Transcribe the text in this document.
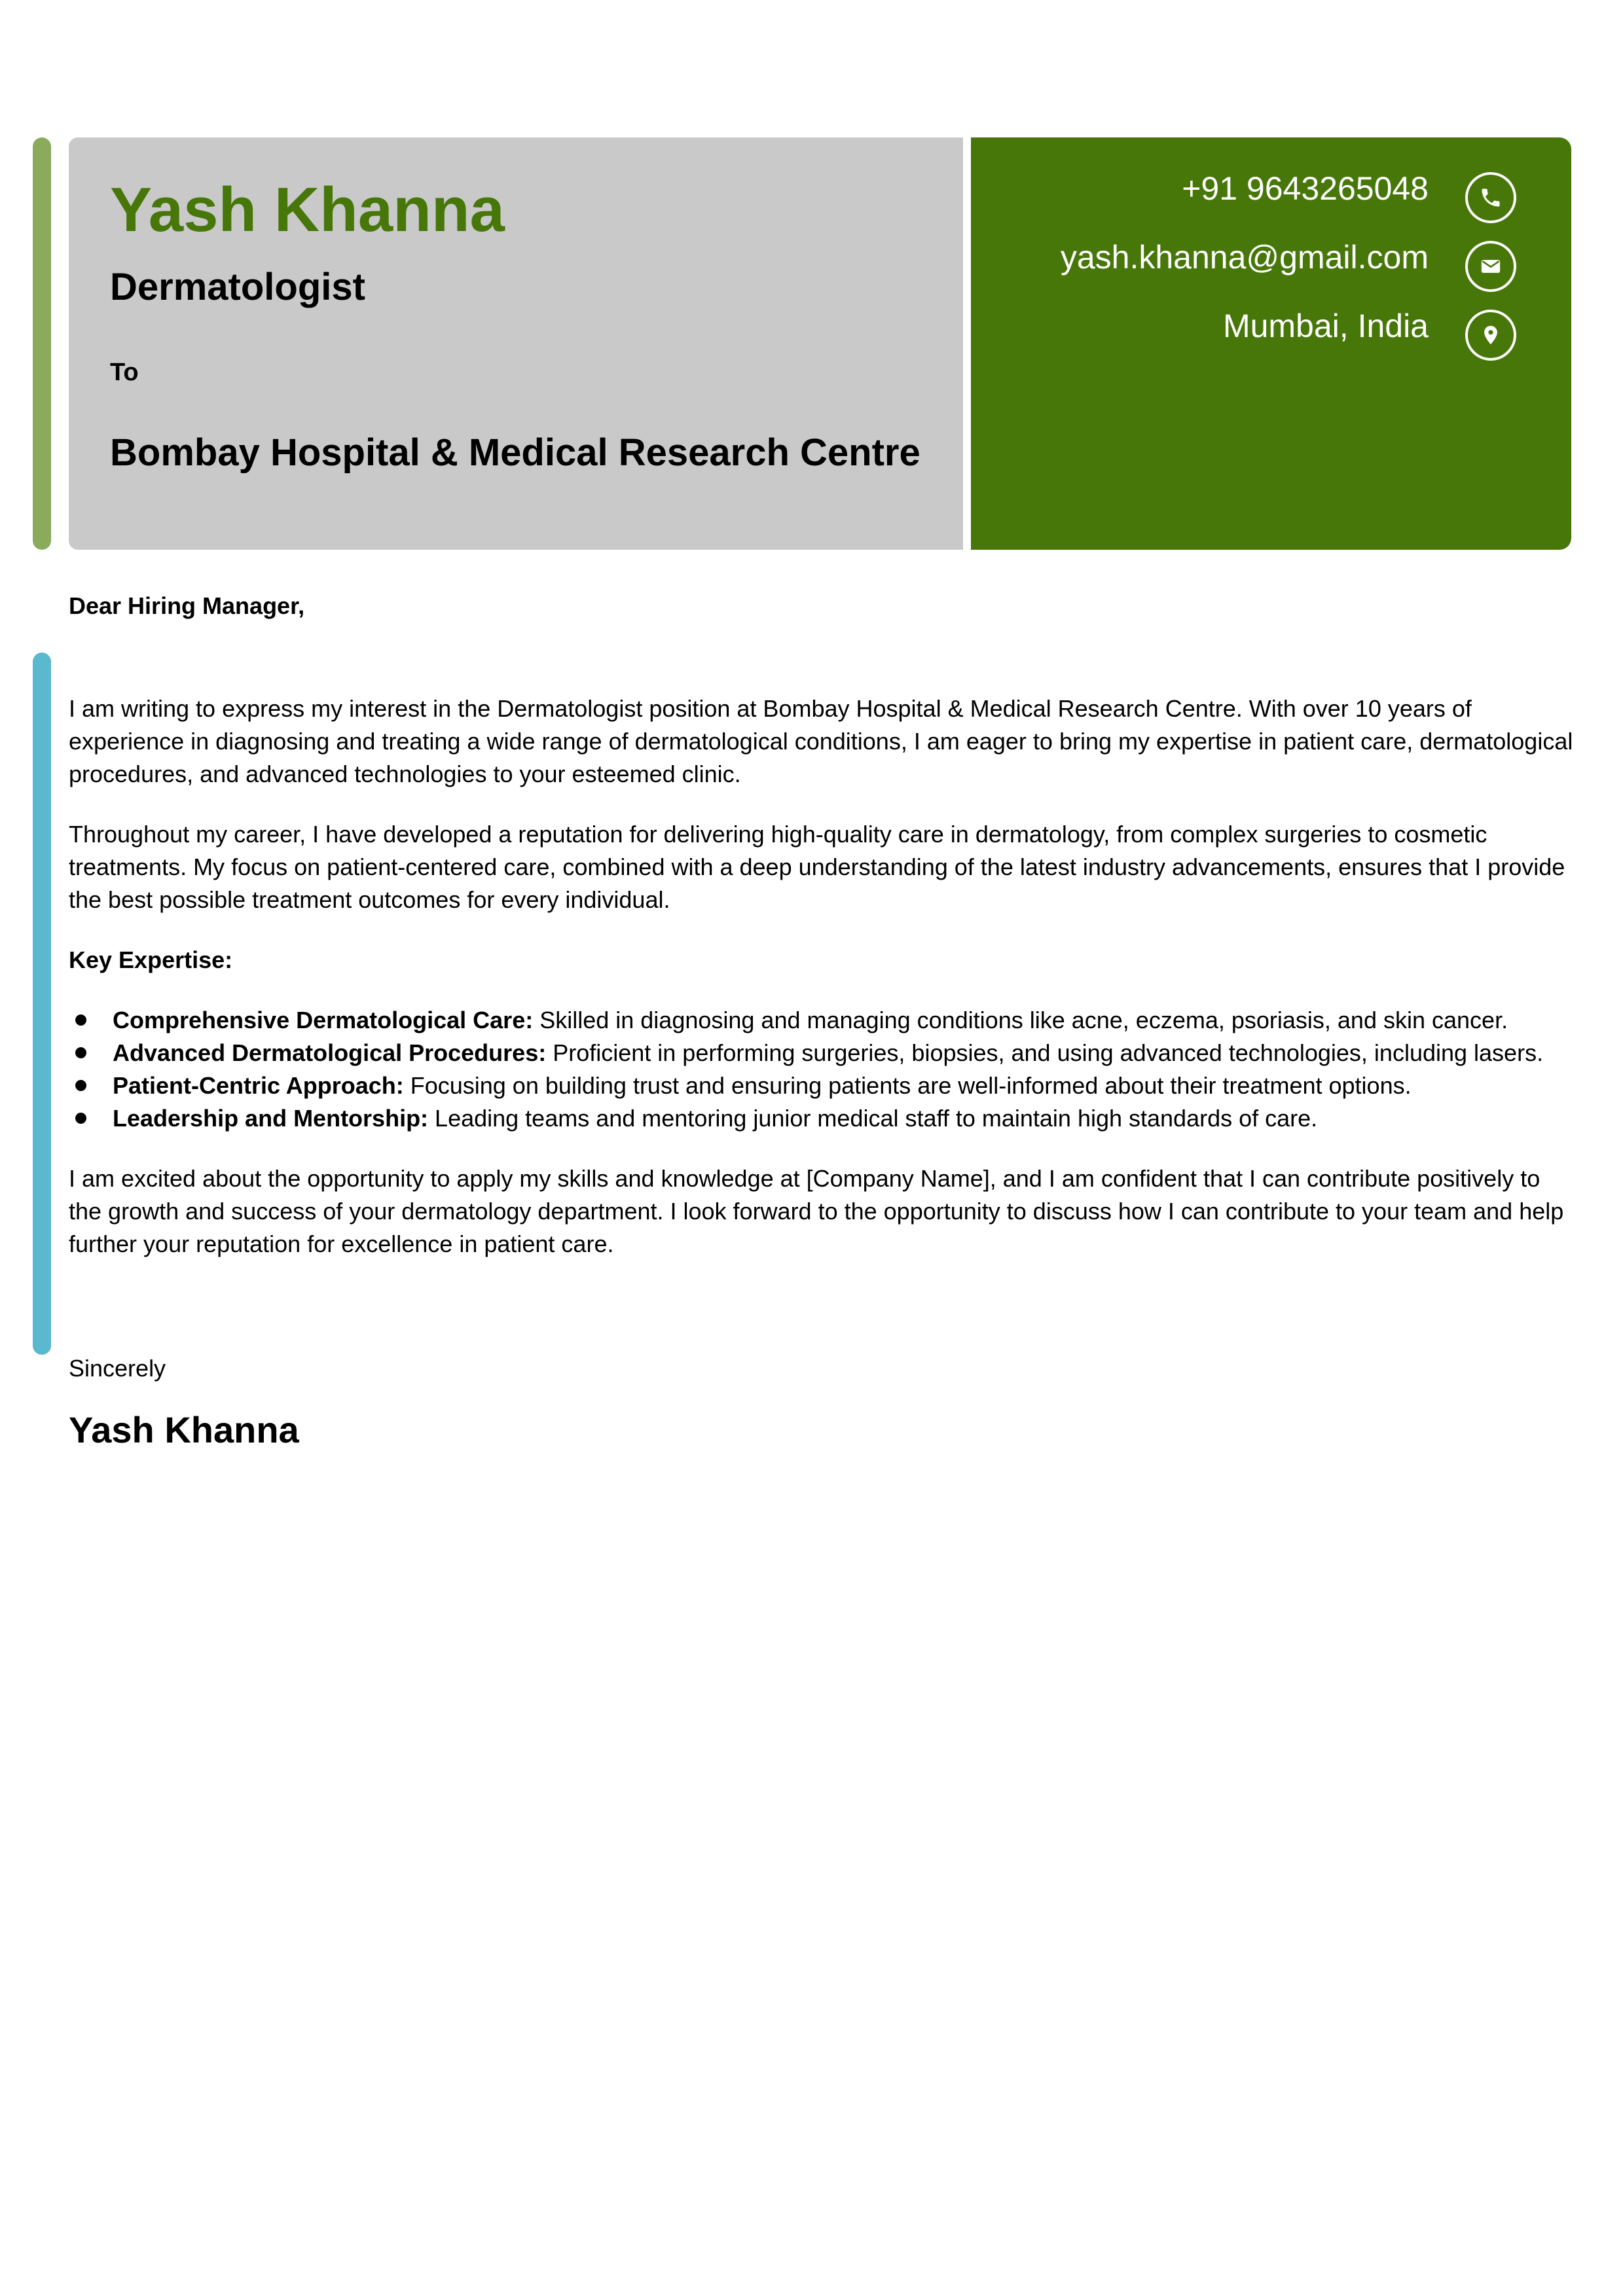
Yash Khanna
Dermatologist
To
Bombay Hospital & Medical Research Centre
+91 9643265048
yash.khanna@gmail.com
Mumbai, India
Dear Hiring Manager,

I am writing to express my interest in the Dermatologist position at Bombay Hospital & Medical Research Centre. With over 10 years of experience in diagnosing and treating a wide range of dermatological conditions, I am eager to bring my expertise in patient care, dermatological procedures, and advanced technologies to your esteemed clinic.

Throughout my career, I have developed a reputation for delivering high-quality care in dermatology, from complex surgeries to cosmetic treatments. My focus on patient-centered care, combined with a deep understanding of the latest industry advancements, ensures that I provide the best possible treatment outcomes for every individual.

Key Expertise:

Comprehensive Dermatological Care: Skilled in diagnosing and managing conditions like acne, eczema, psoriasis, and skin cancer.
Advanced Dermatological Procedures: Proficient in performing surgeries, biopsies, and using advanced technologies, including lasers.
Patient-Centric Approach: Focusing on building trust and ensuring patients are well-informed about their treatment options.
Leadership and Mentorship: Leading teams and mentoring junior medical staff to maintain high standards of care.

I am excited about the opportunity to apply my skills and knowledge at [Company Name], and I am confident that I can contribute positively to the growth and success of your dermatology department. I look forward to the opportunity to discuss how I can contribute to your team and help further your reputation for excellence in patient care.

Sincerely
Yash Khanna
